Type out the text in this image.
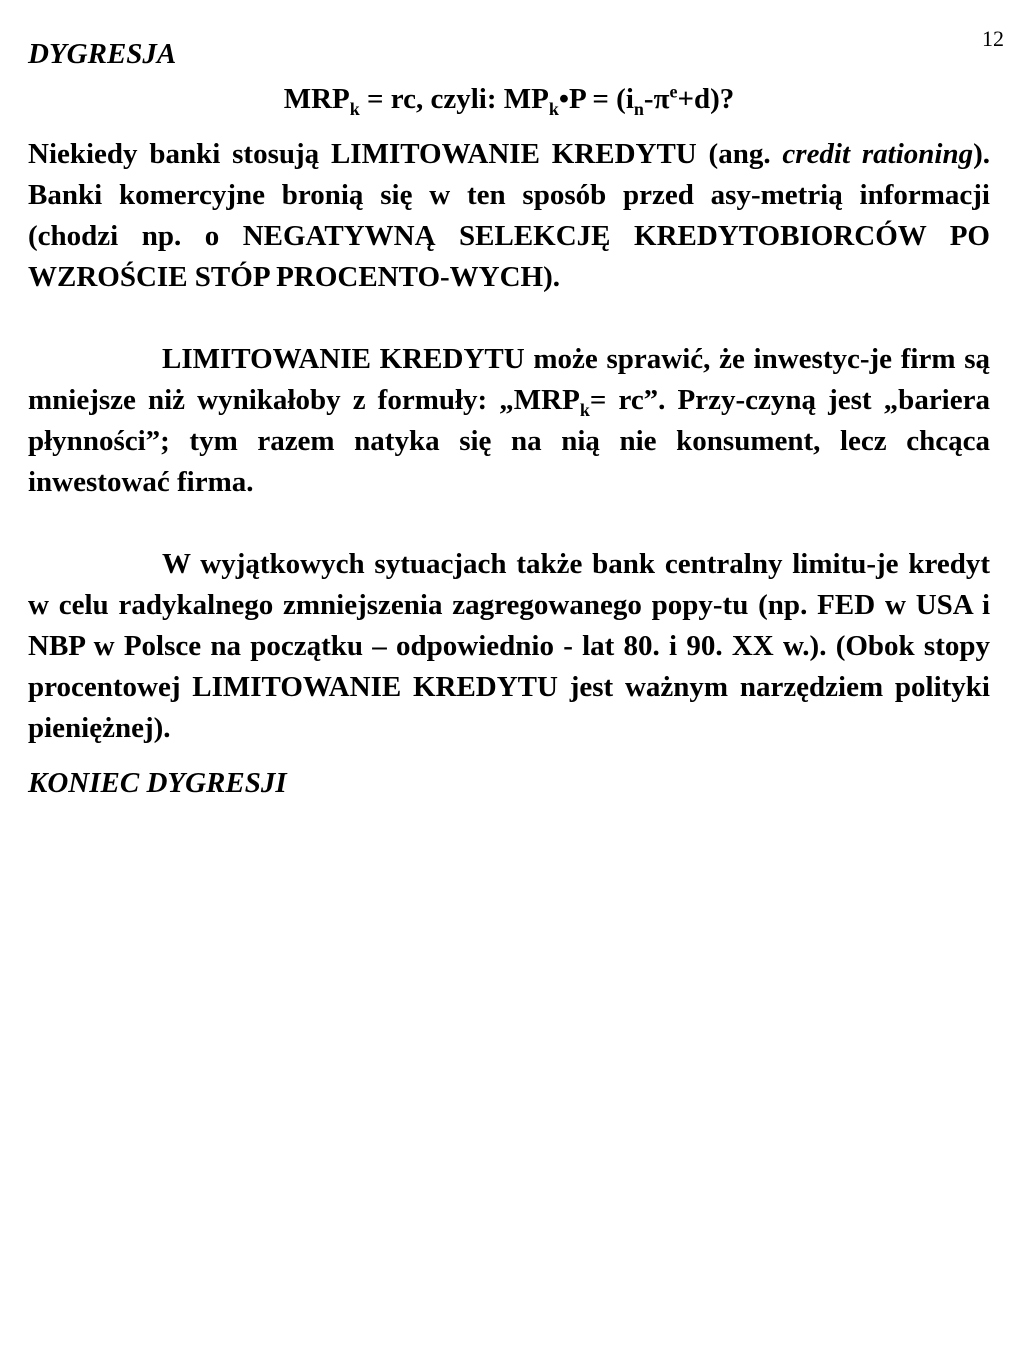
12

DYGRESJA

$MRP_k$ = rc, czyli: $MP_k•P = (i_n-\pi^e+d)$?

Niekiedy banki stosują LIMITOWANIE KREDYTU (ang. credit rationing). Banki komercyjne bronią się w ten sposób przed asy-metrią informacji (chodzi np. o NEGATYWNĄ SELEKCJĘ KREDYTOBIORCÓW PO WZROŚCIE STÓP PROCENTO-WYCH).

LIMITOWANIE KREDYTU może sprawić, że inwestyc-je firm są mniejsze niż wynikałoby z formuły: $„MRP_k=$ rc”. Przy-czyną jest „bariera płynności”; tym razem natyka się na nią nie konsument, lecz chcąca inwestować firma.

W wyjątkowych sytuacjach także bank centralny limitu-je kredyt w celu radykalnego zmniejszenia zagregowanego popy-tu (np. FED w USA i NBP w Polsce na początku – odpowiednio - lat 80. i 90. XX w.). (Obok stopy procentowej LIMITOWANIE KREDYTU jest ważnym narzędziem polityki pieniężnej).

KONIEC DYGRESJI
